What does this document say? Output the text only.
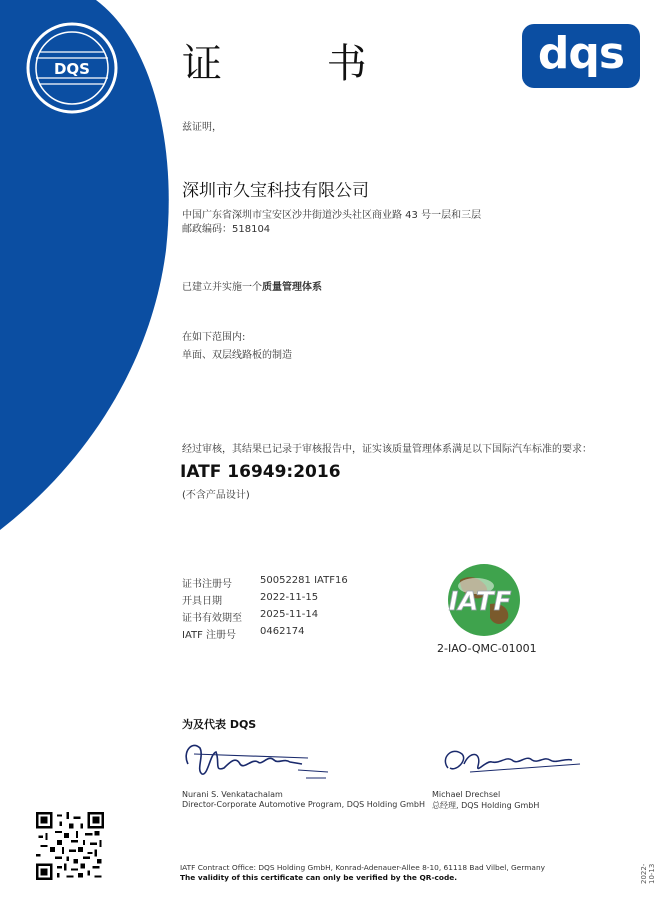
DQS	dqs
证 书
兹证明，
深圳市久宝科技有限公司
中国广东省深圳市宝安区沙井街道沙头社区商业路 43 号一层和三层
邮政编码：518104
已建立并实施一个质量管理体系
在如下范围内:
单面、双层线路板的制造
经过审核，其结果已记录于审核报告中，证实该质量管理体系满足以下国际汽车标准的要求：
IATF 16949:2016
(不含产品设计)
证书注册号	50052281 IATF16
开具日期	2022-11-15
证书有效期至 2025-11-14
IATF 注册号 0462174
IATF
2-IAO-QMC-01001
为及代表 DQS
Nurani S. Venkatachalam
Director-Corporate Automotive Program, DQS Holding GmbH
Michael Drechsel
总经理, DQS Holding GmbH
IATF Contract Office: DQS Holding GmbH, Konrad-Adenauer-Allee 8-10, 61118 Bad Vilbel, Germany
The validity of this certificate can only be verified by the QR-code.	2022-10-13
